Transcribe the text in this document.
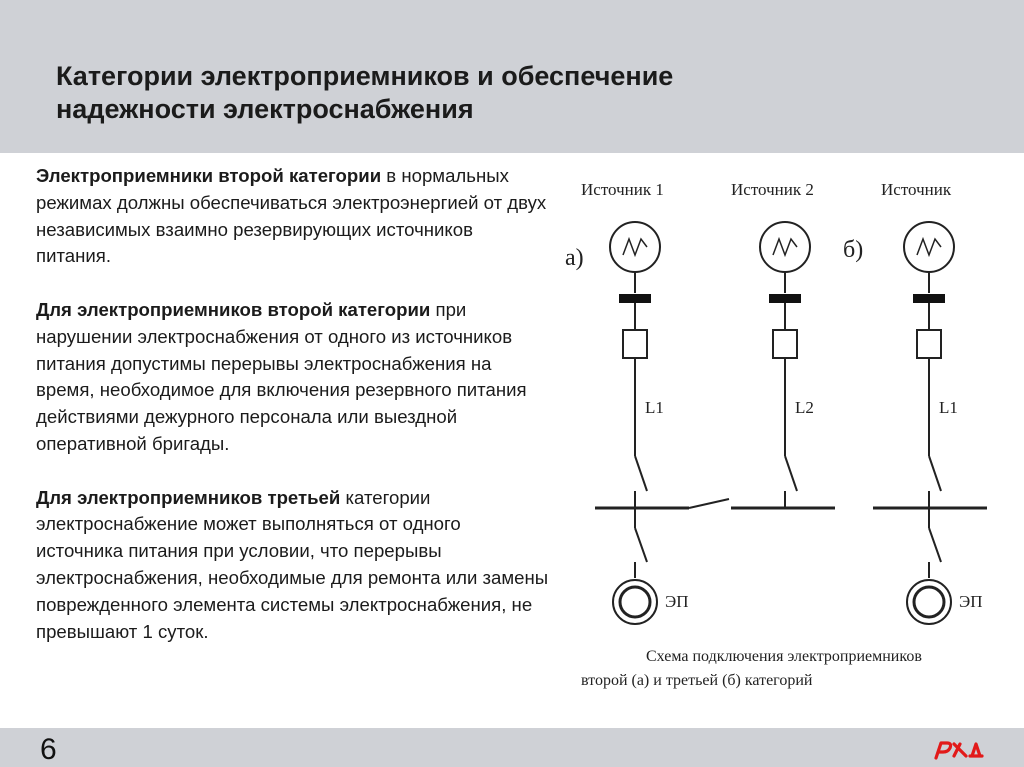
Категории электроприемников и обеспечение
надежности электроснабжения

Электроприемники второй категории в нормальных режимах должны обеспечиваться электроэнергией от двух независимых взаимно резервирующих источников питания.

Для электроприемников второй категории при нарушении электроснабжения от одного из источников питания допустимы перерывы электроснабжения на время, необходимое для включения резервного питания действиями дежурного персонала или выездной оперативной бригады.

Для электроприемников третьей категории электроснабжение может выполняться от одного источника питания при условии, что перерывы электроснабжения, необходимые для ремонта или замены поврежденного элемента системы электроснабжения, не превышают 1 суток.

Источник 1	Источник 2	Источник
а)	б)
L1
ЭП
L2	L1
ЭП
Схема подключения электроприемников
второй (а) и третьей (б) категорий
6
